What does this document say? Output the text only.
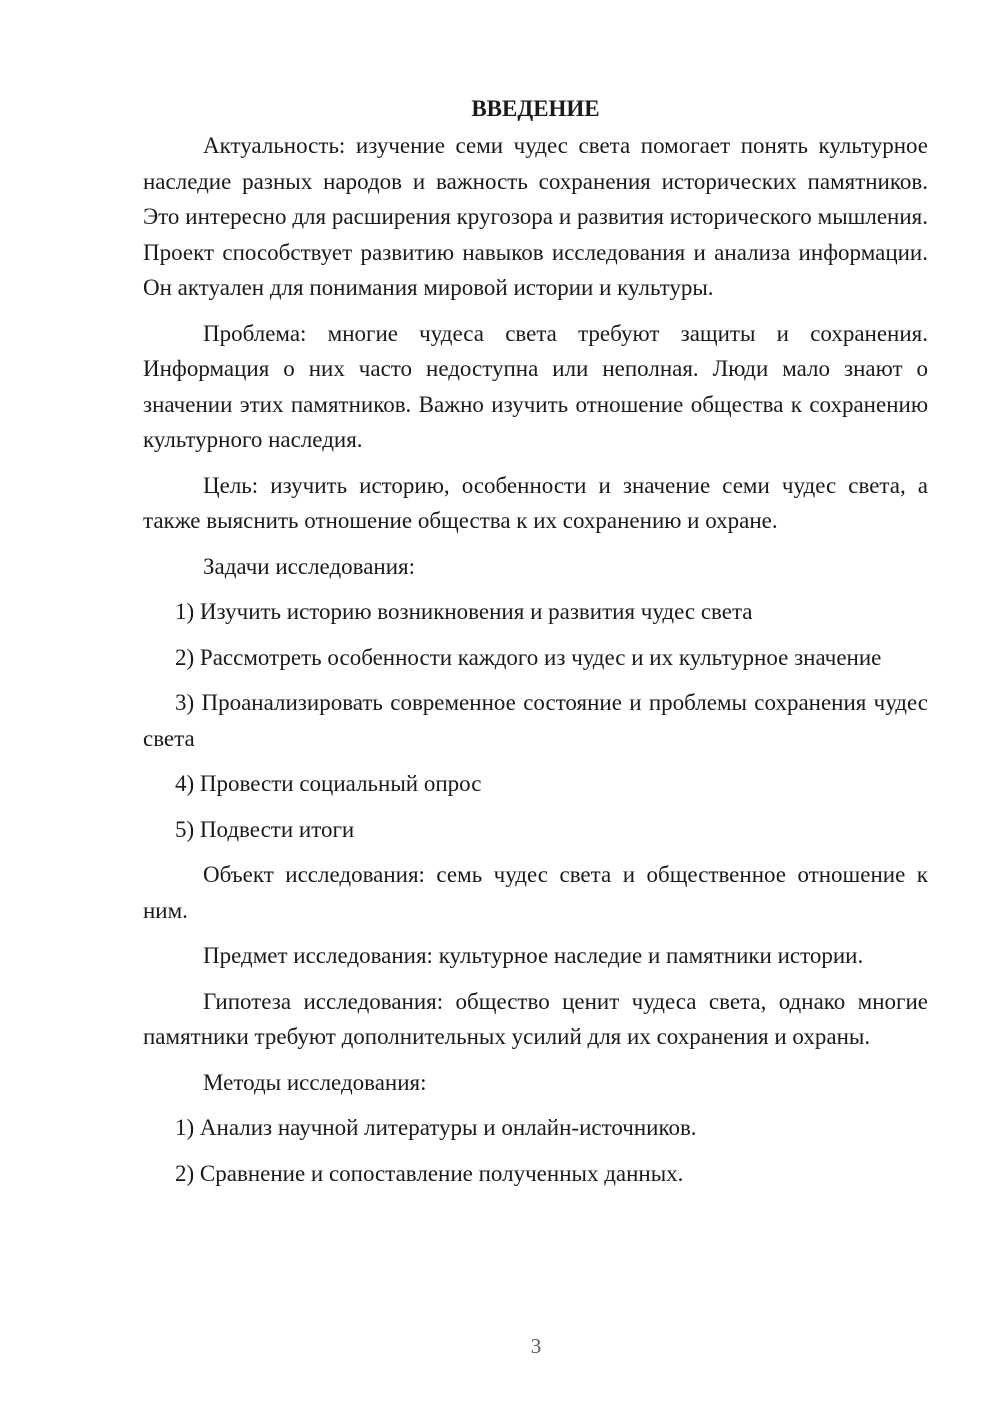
ВВЕДЕНИЕ

Актуальность: изучение семи чудес света помогает понять культурное наследие разных народов и важность сохранения исторических памятников. Это интересно для расширения кругозора и развития исторического мышления. Проект способствует развитию навыков исследования и анализа информации. Он актуален для понимания мировой истории и культуры.

Проблема: многие чудеса света требуют защиты и сохранения. Информация о них часто недоступна или неполная. Люди мало знают о значении этих памятников. Важно изучить отношение общества к сохранению культурного наследия.

Цель: изучить историю, особенности и значение семи чудес света, а также выяснить отношение общества к их сохранению и охране.

Задачи исследования:

1) Изучить историю возникновения и развития чудес света

2) Рассмотреть особенности каждого из чудес и их культурное значение

3) Проанализировать современное состояние и проблемы сохранения чудес света

4) Провести социальный опрос

5) Подвести итоги

Объект исследования: семь чудес света и общественное отношение к ним.

Предмет исследования: культурное наследие и памятники истории.

Гипотеза исследования: общество ценит чудеса света, однако многие памятники требуют дополнительных усилий для их сохранения и охраны.

Методы исследования:

1) Анализ научной литературы и онлайн-источников.

2) Сравнение и сопоставление полученных данных.

3
